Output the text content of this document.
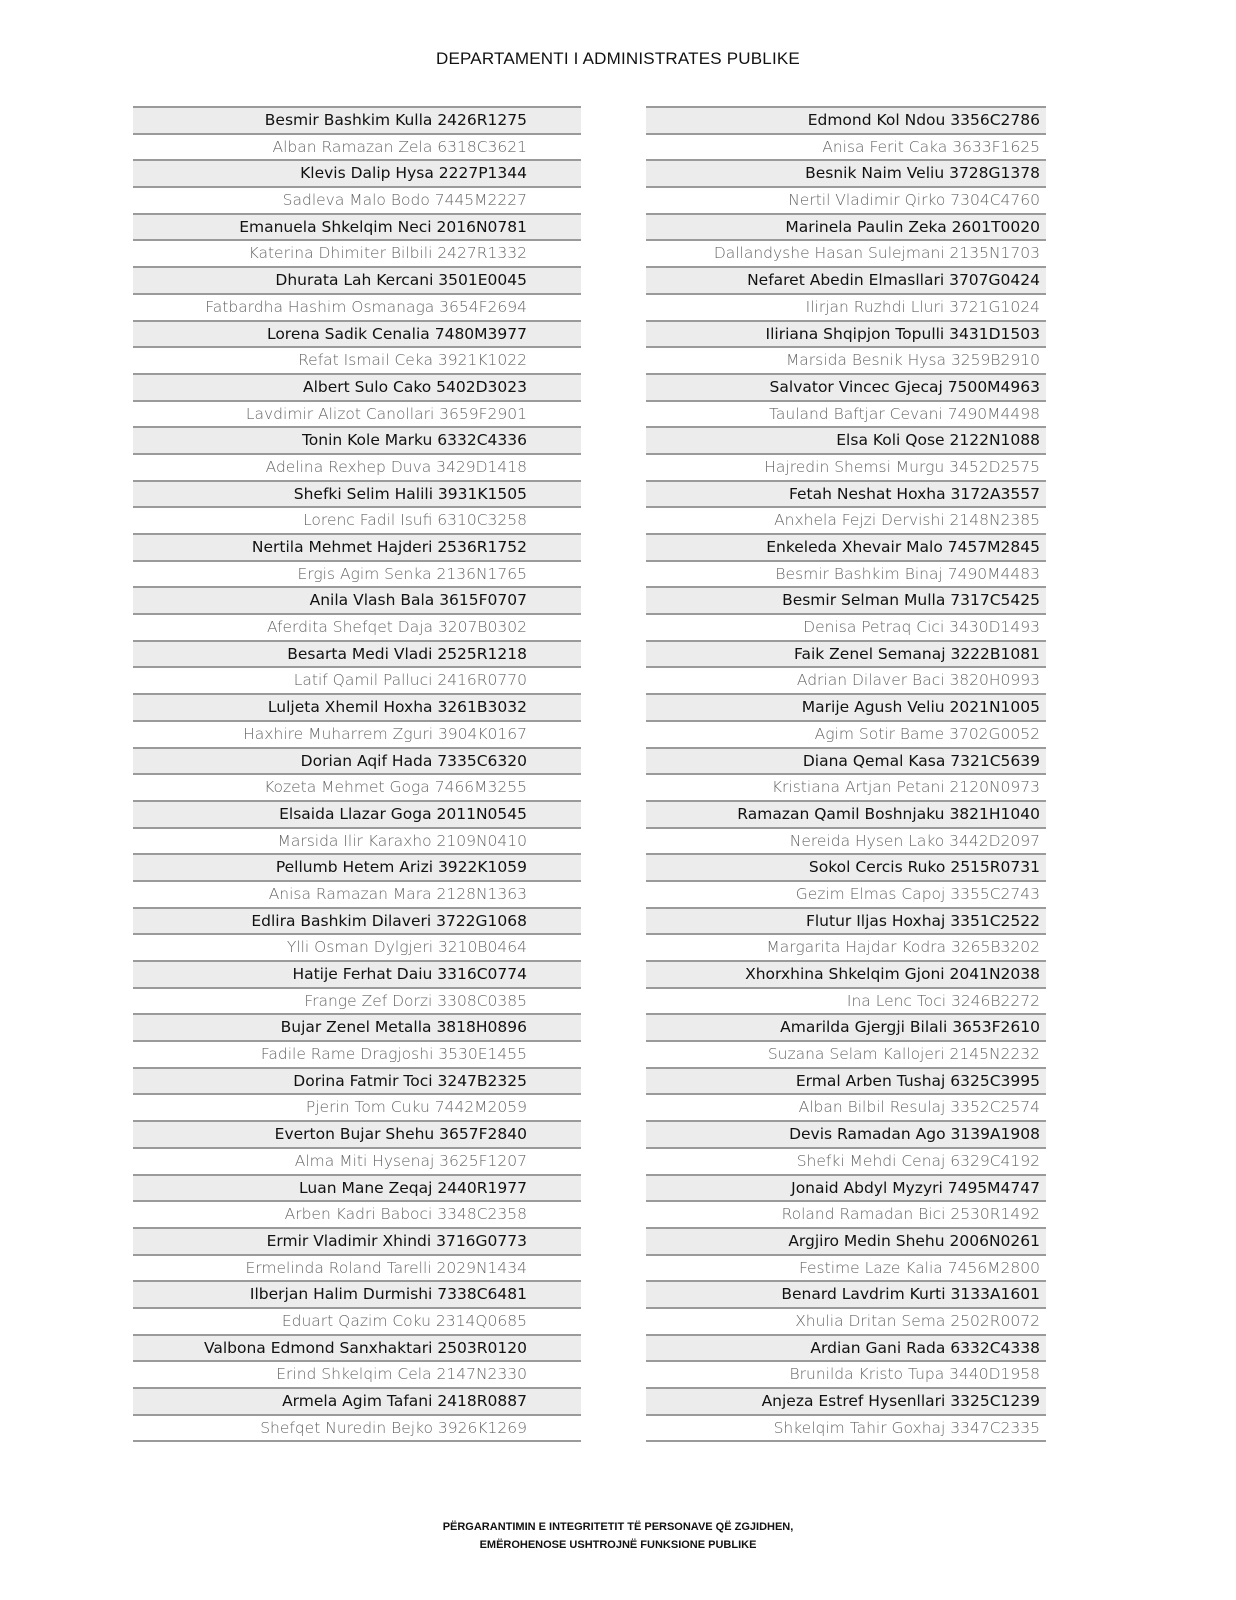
DEPARTAMENTI I ADMINISTRATES PUBLIKE
Besmir Bashkim Kulla 2426R1275
Alban Ramazan Zela 6318C3621
Klevis Dalip Hysa 2227P1344
Sadleva Malo Bodo 7445M2227
Emanuela Shkelqim Neci 2016N0781
Katerina Dhimiter Bilbili 2427R1332
Dhurata Lah Kercani 3501E0045
Fatbardha Hashim Osmanaga 3654F2694
Lorena Sadik Cenalia 7480M3977
Refat Ismail Ceka 3921K1022
Albert Sulo Cako 5402D3023
Lavdimir Alizot Canollari 3659F2901
Tonin Kole Marku 6332C4336
Adelina Rexhep Duva 3429D1418
Shefki Selim Halili 3931K1505
Lorenc Fadil Isufi 6310C3258
Nertila Mehmet Hajderi 2536R1752
Ergis Agim Senka 2136N1765
Anila Vlash Bala 3615F0707
Aferdita Shefqet Daja 3207B0302
Besarta Medi Vladi 2525R1218
Latif Qamil Palluci 2416R0770
Luljeta Xhemil Hoxha 3261B3032
Haxhire Muharrem Zguri 3904K0167
Dorian Aqif Hada 7335C6320
Kozeta Mehmet Goga 7466M3255
Elsaida Llazar Goga 2011N0545
Marsida Ilir Karaxho 2109N0410
Pellumb Hetem Arizi 3922K1059
Anisa Ramazan Mara 2128N1363
Edlira Bashkim Dilaveri 3722G1068
Ylli Osman Dylgjeri 3210B0464
Hatije Ferhat Daiu 3316C0774
Frange Zef Dorzi 3308C0385
Bujar Zenel Metalla 3818H0896
Fadile Rame Dragjoshi 3530E1455
Dorina Fatmir Toci 3247B2325
Pjerin Tom Cuku 7442M2059
Everton Bujar Shehu 3657F2840
Alma Miti Hysenaj 3625F1207
Luan Mane Zeqaj 2440R1977
Arben Kadri Baboci 3348C2358
Ermir Vladimir Xhindi 3716G0773
Ermelinda Roland Tarelli 2029N1434
Ilberjan Halim Durmishi 7338C6481
Eduart Qazim Coku 2314Q0685
Valbona Edmond Sanxhaktari 2503R0120
Erind Shkelqim Cela 2147N2330
Armela Agim Tafani 2418R0887
Shefqet Nuredin Bejko 3926K1269
Edmond Kol Ndou 3356C2786
Anisa Ferit Caka 3633F1625
Besnik Naim Veliu 3728G1378
Nertil Vladimir Qirko 7304C4760
Marinela Paulin Zeka 2601T0020
Dallandyshe Hasan Sulejmani 2135N1703
Nefaret Abedin Elmasllari 3707G0424
Ilirjan Ruzhdi Lluri 3721G1024
Iliriana Shqipjon Topulli 3431D1503
Marsida Besnik Hysa 3259B2910
Salvator Vincec Gjecaj 7500M4963
Tauland Baftjar Cevani 7490M4498
Elsa Koli Qose 2122N1088
Hajredin Shemsi Murgu 3452D2575
Fetah Neshat Hoxha 3172A3557
Anxhela Fejzi Dervishi 2148N2385
Enkeleda Xhevair Malo 7457M2845
Besmir Bashkim Binaj 7490M4483
Besmir Selman Mulla 7317C5425
Denisa Petraq Cici 3430D1493
Faik Zenel Semanaj 3222B1081
Adrian Dilaver Baci 3820H0993
Marije Agush Veliu 2021N1005
Agim Sotir Bame 3702G0052
Diana Qemal Kasa 7321C5639
Kristiana Artjan Petani 2120N0973
Ramazan Qamil Boshnjaku 3821H1040
Nereida Hysen Lako 3442D2097
Sokol Cercis Ruko 2515R0731
Gezim Elmas Capoj 3355C2743
Flutur Iljas Hoxhaj 3351C2522
Margarita Hajdar Kodra 3265B3202
Xhorxhina Shkelqim Gjoni 2041N2038
Ina Lenc Toci 3246B2272
Amarilda Gjergji Bilali 3653F2610
Suzana Selam Kallojeri 2145N2232
Ermal Arben Tushaj 6325C3995
Alban Bilbil Resulaj 3352C2574
Devis Ramadan Ago 3139A1908
Shefki Mehdi Cenaj 6329C4192
Jonaid Abdyl Myzyri 7495M4747
Roland Ramadan Bici 2530R1492
Argjiro Medin Shehu 2006N0261
Festime Laze Kalia 7456M2800
Benard Lavdrim Kurti 3133A1601
Xhulia Dritan Sema 2502R0072
Ardian Gani Rada 6332C4338
Brunilda Kristo Tupa 3440D1958
Anjeza Estref Hysenllari 3325C1239
Shkelqim Tahir Goxhaj 3347C2335
PËRGARANTIMIN E INTEGRITETIT TË PERSONAVE QË ZGJIDHEN,
EMËROHENOSE USHTROJNË FUNKSIONE PUBLIKE
